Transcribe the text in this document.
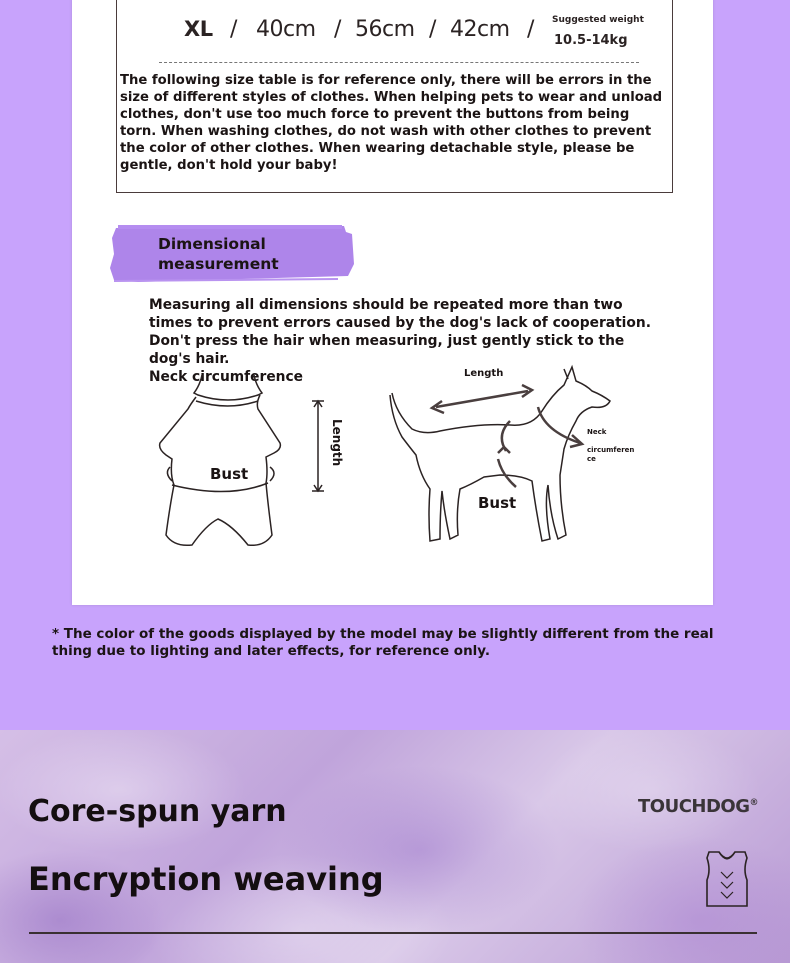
XL / 40cm / 56cm / 42cm / Suggested weight
10.5-14kg

The following size table is for reference only, there will be errors in the size of different styles of clothes. When helping pets to wear and unload clothes, don't use too much force to prevent the buttons from being torn. When washing clothes, do not wash with other clothes to prevent the color of other clothes. When wearing detachable style, please be gentle, don't hold your baby!

Dimensional
measurement
Measuring all dimensions should be repeated more than two times to prevent errors caused by the dog's lack of cooperation. Don't press the hair when measuring, just gently stick to the dog's hair.
Neck circumference
Bust
Length
Length
Neck
circumferen
ce
Bust

* The color of the goods displayed by the model may be slightly different from the real thing due to lighting and later effects, for reference only.

Core-spun yarn
Encryption weaving
TOUCHDOG®
